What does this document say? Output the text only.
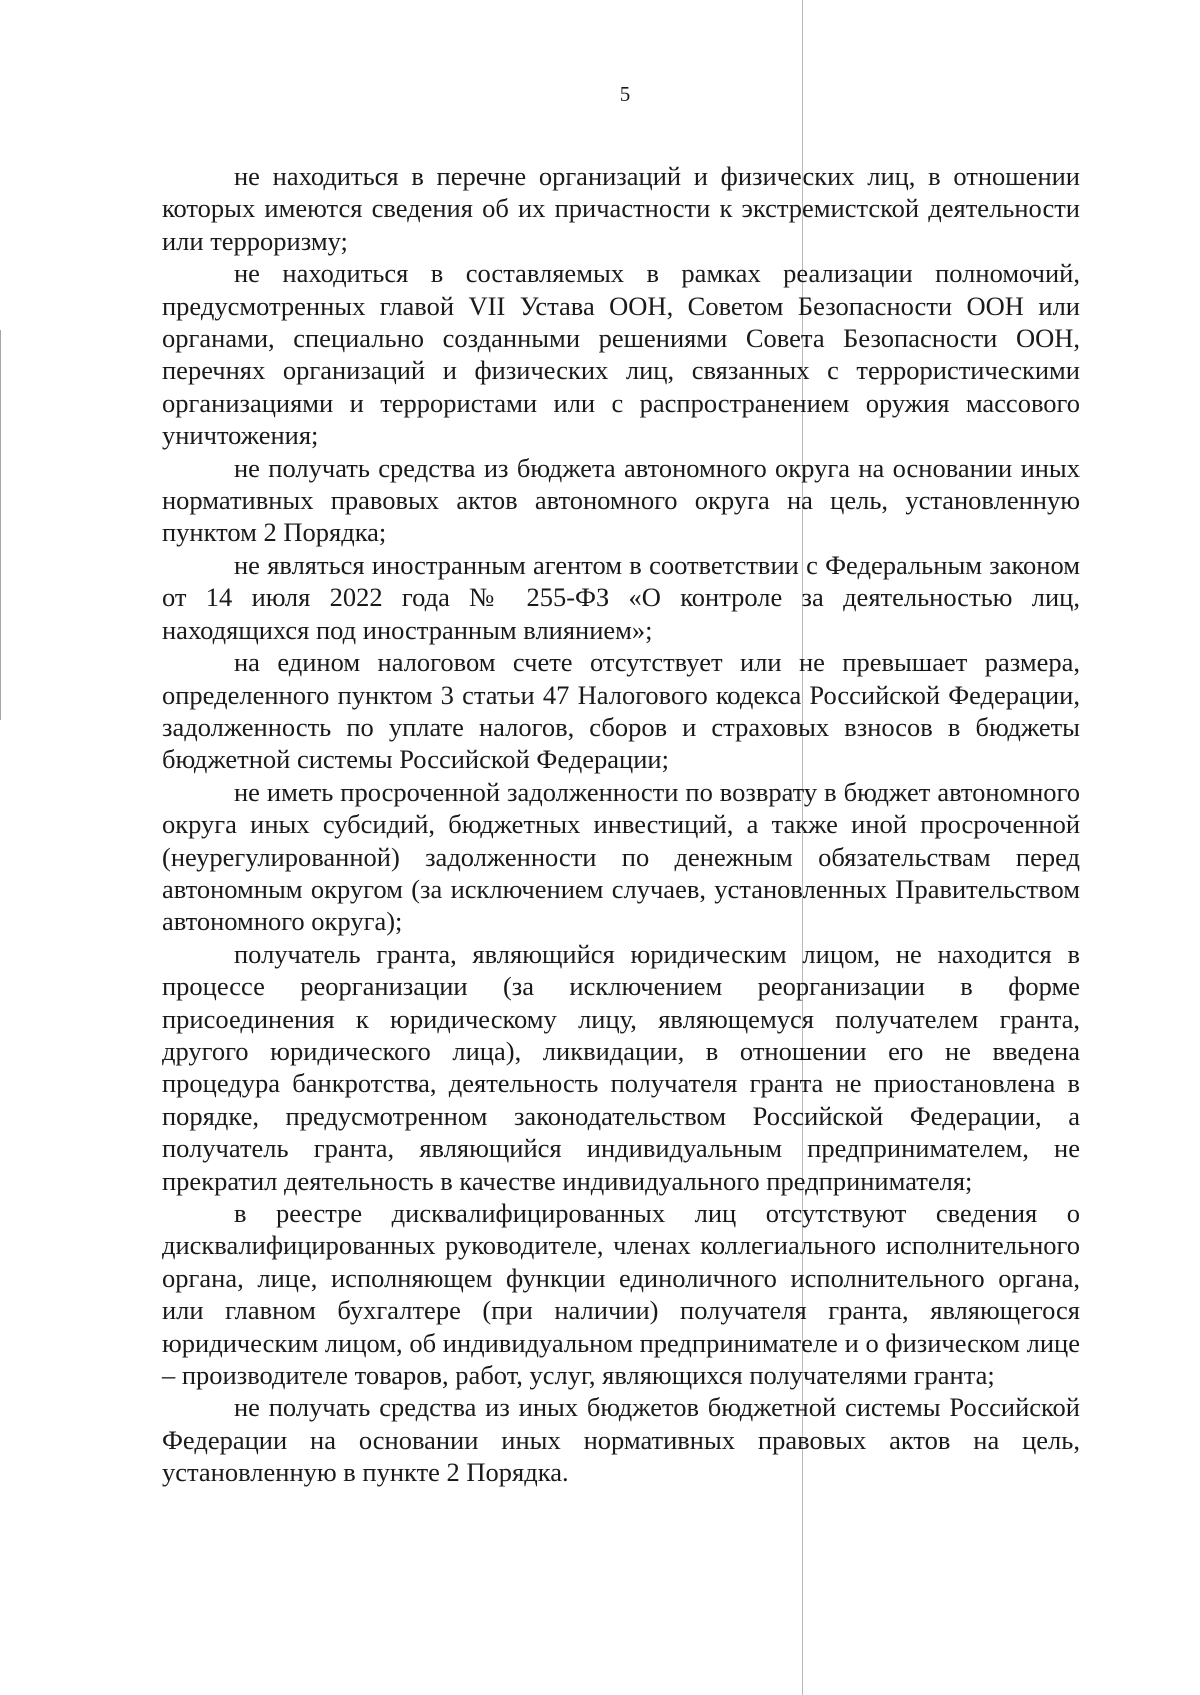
5

не находиться в перечне организаций и физических лиц, в отношении которых имеются сведения об их причастности к экстремистской деятельности или терроризму;

не находиться в составляемых в рамках реализации полномочий, предусмотренных главой VII Устава ООН, Советом Безопасности ООН или органами, специально созданными решениями Совета Безопасности ООН, перечнях организаций и физических лиц, связанных с террористическими организациями и террористами или с распространением оружия массового уничтожения;

не получать средства из бюджета автономного округа на основании иных нормативных правовых актов автономного округа на цель, установленную пунктом 2 Порядка;

не являться иностранным агентом в соответствии с Федеральным законом от 14 июля 2022 года № 255-ФЗ «О контроле за деятельностью лиц, находящихся под иностранным влиянием»;

на едином налоговом счете отсутствует или не превышает размера, определенного пунктом 3 статьи 47 Налогового кодекса Российской Федерации, задолженность по уплате налогов, сборов и страховых взносов в бюджеты бюджетной системы Российской Федерации;

не иметь просроченной задолженности по возврату в бюджет автономного округа иных субсидий, бюджетных инвестиций, а также иной просроченной (неурегулированной) задолженности по денежным обязательствам перед автономным округом (за исключением случаев, установленных Правительством автономного округа);

получатель гранта, являющийся юридическим лицом, не находится в процессе реорганизации (за исключением реорганизации в форме присоединения к юридическому лицу, являющемуся получателем гранта, другого юридического лица), ликвидации, в отношении его не введена процедура банкротства, деятельность получателя гранта не приостановлена в порядке, предусмотренном законодательством Российской Федерации, а получатель гранта, являющийся индивидуальным предпринимателем, не прекратил деятельность в качестве индивидуального предпринимателя;

в реестре дисквалифицированных лиц отсутствуют сведения о дисквалифицированных руководителе, членах коллегиального исполнительного органа, лице, исполняющем функции единоличного исполнительного органа, или главном бухгалтере (при наличии) получателя гранта, являющегося юридическим лицом, об индивидуальном предпринимателе и о физическом лице – производителе товаров, работ, услуг, являющихся получателями гранта;

не получать средства из иных бюджетов бюджетной системы Российской Федерации на основании иных нормативных правовых актов на цель, установленную в пункте 2 Порядка.
